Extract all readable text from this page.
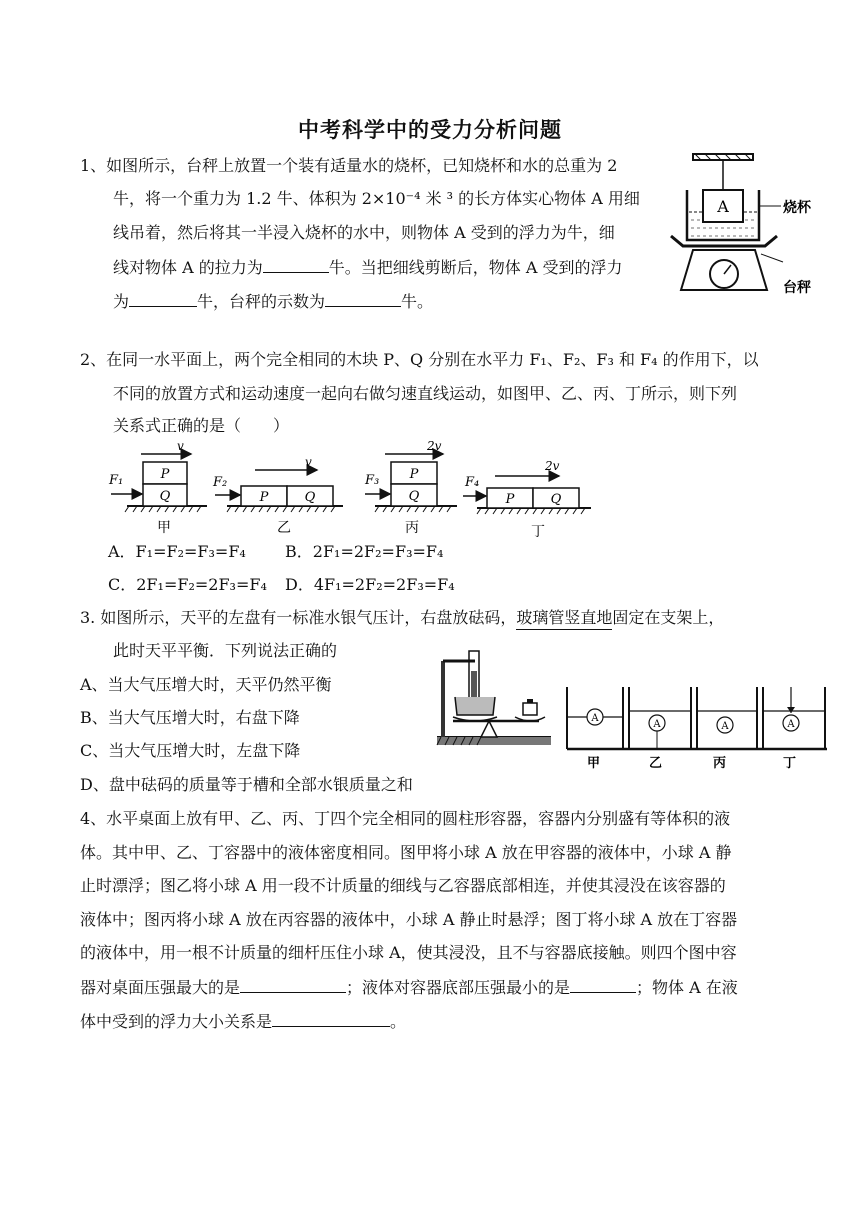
中考科学中的受力分析问题
1、如图所示，台秤上放置一个装有适量水的烧杯，已知烧杯和水的总重为 2
牛，将一个重力为 1.2 牛、体积为 2×10⁻⁴ 米 ³ 的长方体实心物体 A 用细
线吊着，然后将其一半浸入烧杯的水中，则物体 A 受到的浮力为牛，细
线对物体 A 的拉力为	牛。当把细线剪断后，物体 A 受到的浮力
为	牛，台秤的示数为	牛。
A	烧杯
台秤
2、在同一水平面上，两个完全相同的木块 P、Q 分别在水平力 F₁、F₂、F₃ 和 F₄ 的作用下，以
不同的放置方式和运动速度一起向右做匀速直线运动，如图甲、乙、丙、丁所示，则下列
关系式正确的是（　　）
P
Q
F₁
v
甲
P	Q
F₂
v
乙
P
Q
F₃
2v
丙
P	Q
F₄
2v
丁
A．F₁=F₂=F₃=F₄ B．2F₁=2F₂=F₃=F₄
C．2F₁=F₂=2F₃=F₄ D．4F₁=2F₂=2F₃=F₄
3. 如图所示，天平的左盘有一标准水银气压计，右盘放砝码，玻璃管竖直地固定在支架上，
此时天平平衡．下列说法正确的
A、当大气压增大时，天平仍然平衡
B、当大气压增大时，右盘下降
C、当大气压增大时，左盘下降
D、盘中砝码的质量等于槽和全部水银质量之和
A
甲
A
乙
A
丙
A
丁
4、水平桌面上放有甲、乙、丙、丁四个完全相同的圆柱形容器，容器内分别盛有等体积的液
体。其中甲、乙、丁容器中的液体密度相同。图甲将小球 A 放在甲容器的液体中，小球 A 静
止时漂浮；图乙将小球 A 用一段不计质量的细线与乙容器底部相连，并使其浸没在该容器的
液体中；图丙将小球 A 放在丙容器的液体中，小球 A 静止时悬浮；图丁将小球 A 放在丁容器
的液体中，用一根不计质量的细杆压住小球 A，使其浸没，且不与容器底接触。则四个图中容
器对桌面压强最大的是	；液体对容器底部压强最小的是	；物体 A 在液
体中受到的浮力大小关系是	。
